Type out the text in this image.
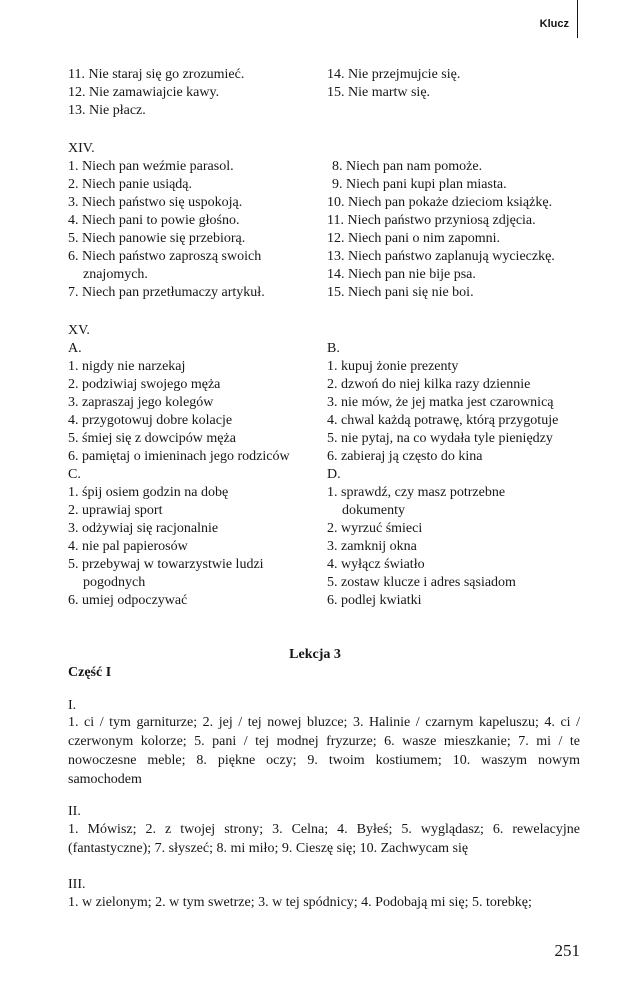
Klucz
11. Nie staraj się go zrozumieć.
12. Nie zamawiajcie kawy.
13. Nie płacz.
14. Nie przejmujcie się.
15. Nie martw się.
XIV.
1. Niech pan weźmie parasol.
2. Niech panie usiądą.
3. Niech państwo się uspokoją.
4. Niech pani to powie głośno.
5. Niech panowie się przebiorą.
6. Niech państwo zaproszą swoich
znajomych.
7. Niech pan przetłumaczy artykuł.
8. Niech pan nam pomoże.
9. Niech pani kupi plan miasta.
10. Niech pan pokaże dzieciom książkę.
11. Niech państwo przyniosą zdjęcia.
12. Niech pani o nim zapomni.
13. Niech państwo zaplanują wycieczkę.
14. Niech pan nie bije psa.
15. Niech pani się nie boi.
XV.
A.
1. nigdy nie narzekaj
2. podziwiaj swojego męża
3. zapraszaj jego kolegów
4. przygotowuj dobre kolacje
5. śmiej się z dowcipów męża
6. pamiętaj o imieninach jego rodziców
C.
1. śpij osiem godzin na dobę
2. uprawiaj sport
3. odżywiaj się racjonalnie
4. nie pal papierosów
5. przebywaj w towarzystwie ludzi
pogodnych
6. umiej odpoczywać
B.
1. kupuj żonie prezenty
2. dzwoń do niej kilka razy dziennie
3. nie mów, że jej matka jest czarownicą
4. chwal każdą potrawę, którą przygotuje
5. nie pytaj, na co wydała tyle pieniędzy
6. zabieraj ją często do kina
D.
1. sprawdź, czy masz potrzebne
dokumenty
2. wyrzuć śmieci
3. zamknij okna
4. wyłącz światło
5. zostaw klucze i adres sąsiadom
6. podlej kwiatki
Lekcja 3
Część I
I.
1. ci / tym garniturze; 2. jej / tej nowej bluzce; 3. Halinie / czarnym kapeluszu; 4. ci / czerwonym kolorze; 5. pani / tej modnej fryzurze; 6. wasze mieszkanie; 7. mi / te nowoczesne meble; 8. piękne oczy; 9. twoim kostiumem; 10. waszym nowym samochodem
II.
1. Mówisz; 2. z twojej strony; 3. Celna; 4. Byłeś; 5. wyglądasz; 6. rewelacyjne (fantastyczne); 7. słyszeć; 8. mi miło; 9. Cieszę się; 10. Zachwycam się
III.
1. w zielonym; 2. w tym swetrze; 3. w tej spódnicy; 4. Podobają mi się; 5. torebkę;
251
